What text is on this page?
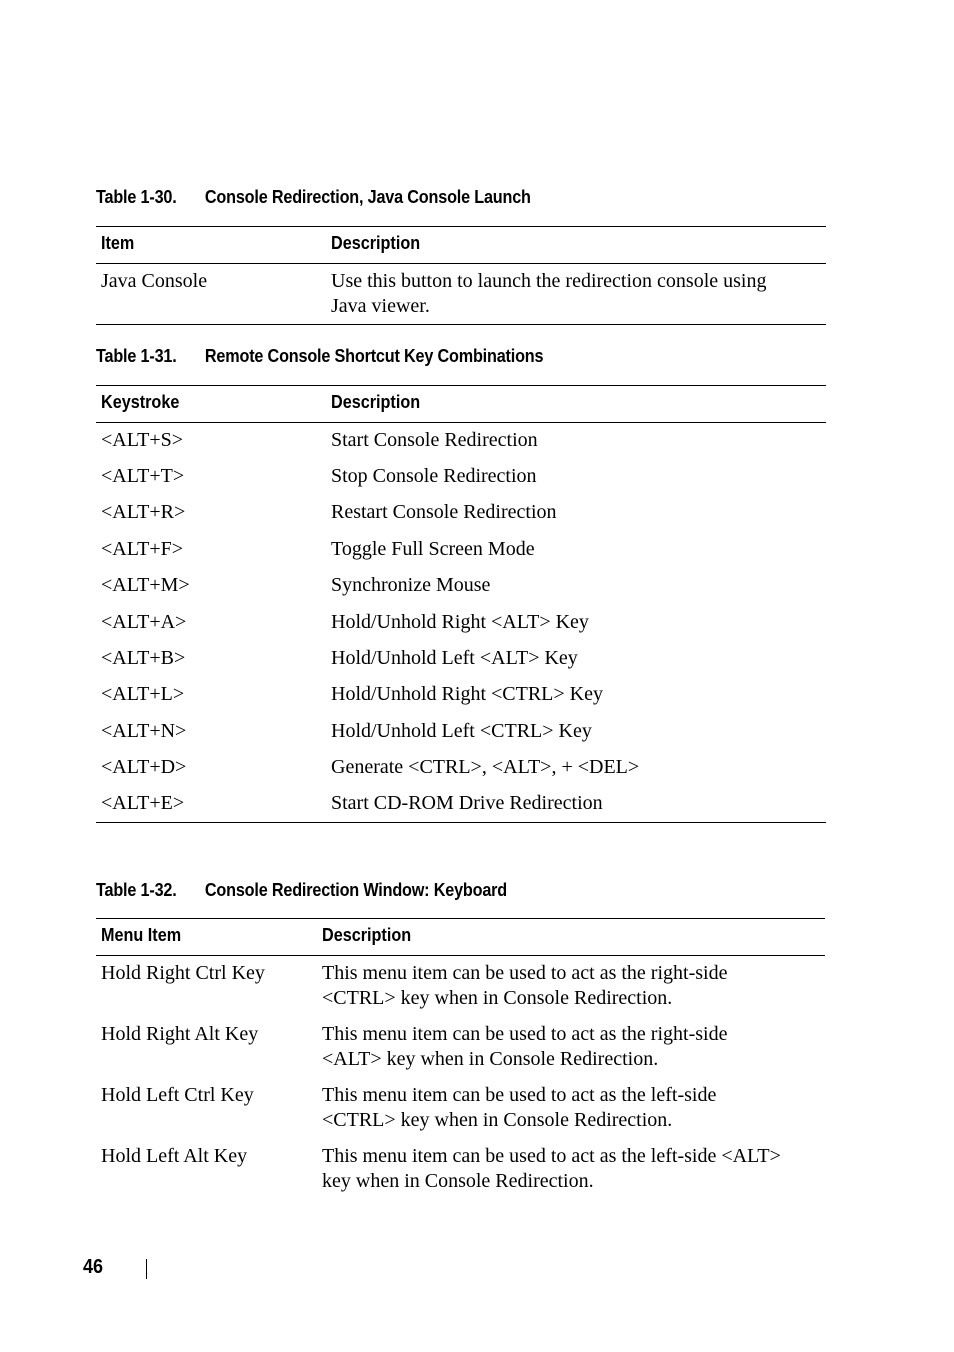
Table 1-30. Console Redirection, Java Console Launch
Item	Description
Java Console	Use this button to launch the redirection console using
Java viewer.
Table 1-31. Remote Console Shortcut Key Combinations
Keystroke	Description
<ALT+S>	Start Console Redirection
<ALT+T>	Stop Console Redirection
<ALT+R>	Restart Console Redirection
<ALT+F>	Toggle Full Screen Mode
<ALT+M>	Synchronize Mouse
<ALT+A>	Hold/Unhold Right <ALT> Key
<ALT+B>	Hold/Unhold Left <ALT> Key
<ALT+L>	Hold/Unhold Right <CTRL> Key
<ALT+N>	Hold/Unhold Left <CTRL> Key
<ALT+D>	Generate <CTRL>, <ALT>, + <DEL>
<ALT+E>	Start CD-ROM Drive Redirection
Table 1-32. Console Redirection Window: Keyboard
Menu Item	Description
Hold Right Ctrl Key	This menu item can be used to act as the right-side
<CTRL> key when in Console Redirection.
Hold Right Alt Key	This menu item can be used to act as the right-side
<ALT> key when in Console Redirection.
Hold Left Ctrl Key	This menu item can be used to act as the left-side
<CTRL> key when in Console Redirection.
Hold Left Alt Key	This menu item can be used to act as the left-side <ALT>
key when in Console Redirection.
46
